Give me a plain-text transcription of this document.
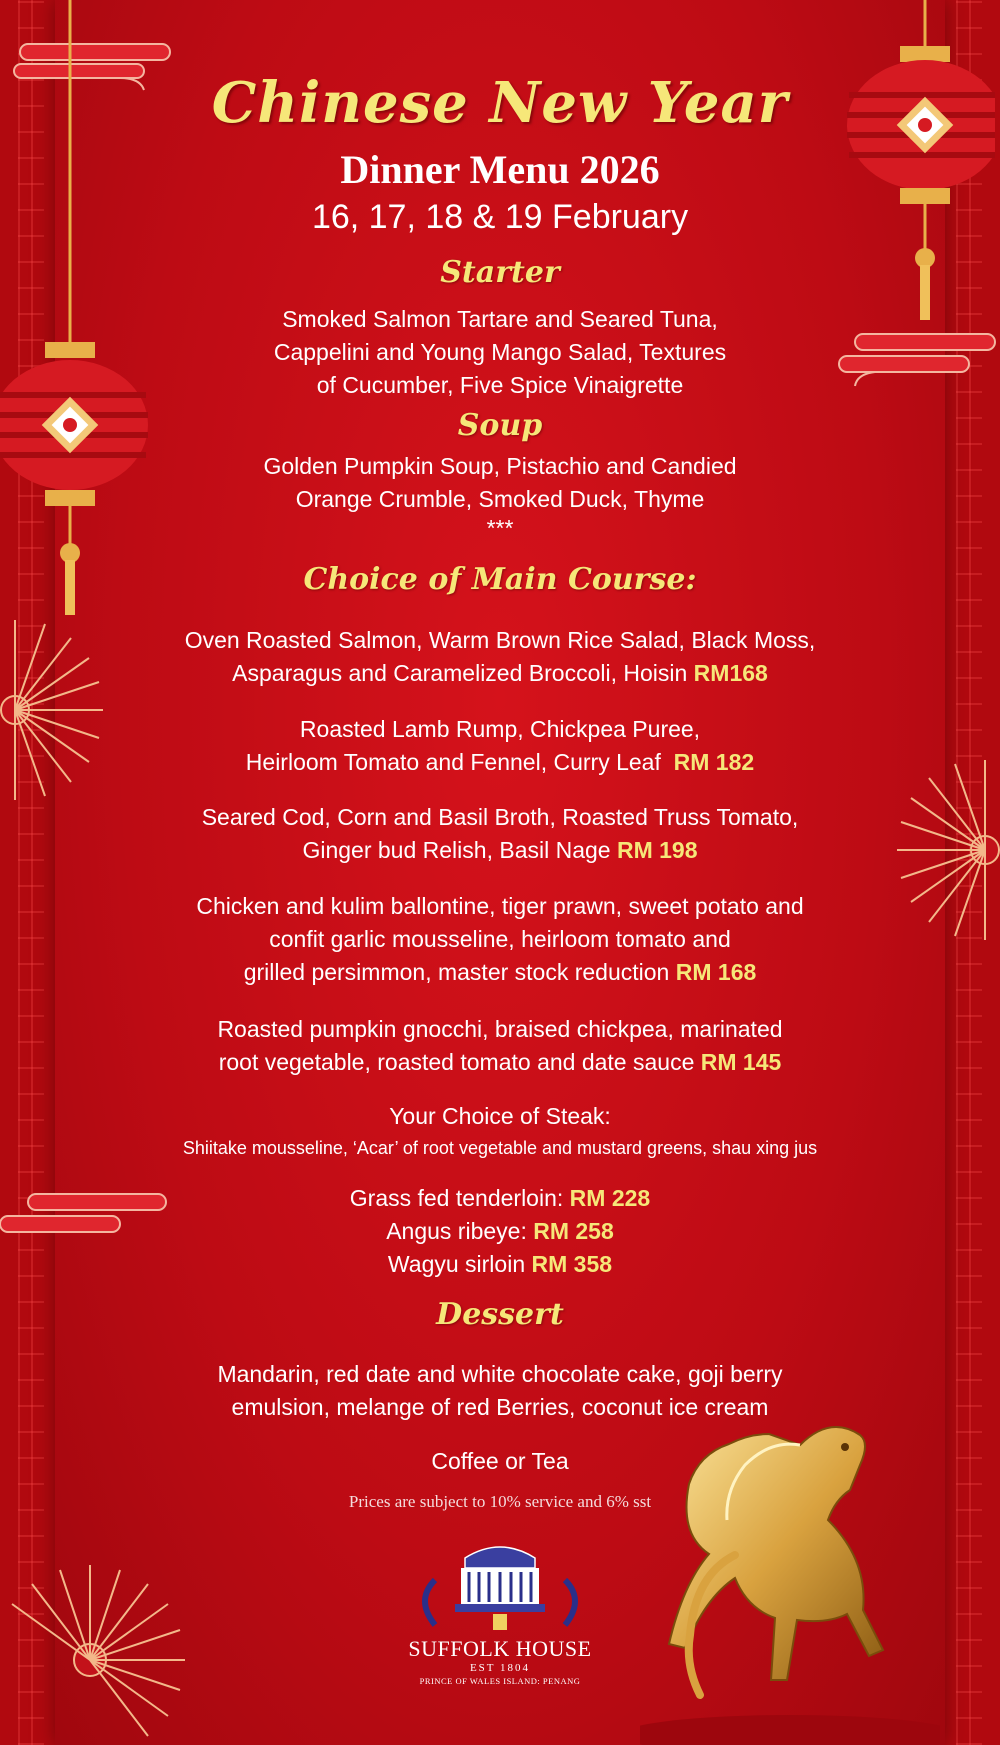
Chinese New Year
Dinner Menu 2026
16, 17, 18 & 19 February
Starter
Smoked Salmon Tartare and Seared Tuna,
Cappelini and Young Mango Salad, Textures
of Cucumber, Five Spice Vinaigrette
Soup
Golden Pumpkin Soup, Pistachio and Candied
Orange Crumble, Smoked Duck, Thyme
***
Choice of Main Course:
Oven Roasted Salmon, Warm Brown Rice Salad, Black Moss,
Asparagus and Caramelized Broccoli, Hoisin RM168
Roasted Lamb Rump, Chickpea Puree,
Heirloom Tomato and Fennel, Curry Leaf  RM 182
Seared Cod, Corn and Basil Broth, Roasted Truss Tomato,
Ginger bud Relish, Basil Nage RM 198
Chicken and kulim ballontine, tiger prawn, sweet potato and
confit garlic mousseline, heirloom tomato and
grilled persimmon, master stock reduction RM 168
Roasted pumpkin gnocchi, braised chickpea, marinated
root vegetable, roasted tomato and date sauce RM 145
Your Choice of Steak:
Shiitake mousseline, ‘Acar’ of root vegetable and mustard greens, shau xing jus
Grass fed tenderloin: RM 228
Angus ribeye: RM 258
Wagyu sirloin RM 358
Dessert
Mandarin, red date and white chocolate cake, goji berry
emulsion, melange of red Berries, coconut ice cream
Coffee or Tea
Prices are subject to 10% service and 6% sst
SUFFOLK HOUSE
EST 1804
PRINCE OF WALES ISLAND: PENANG
